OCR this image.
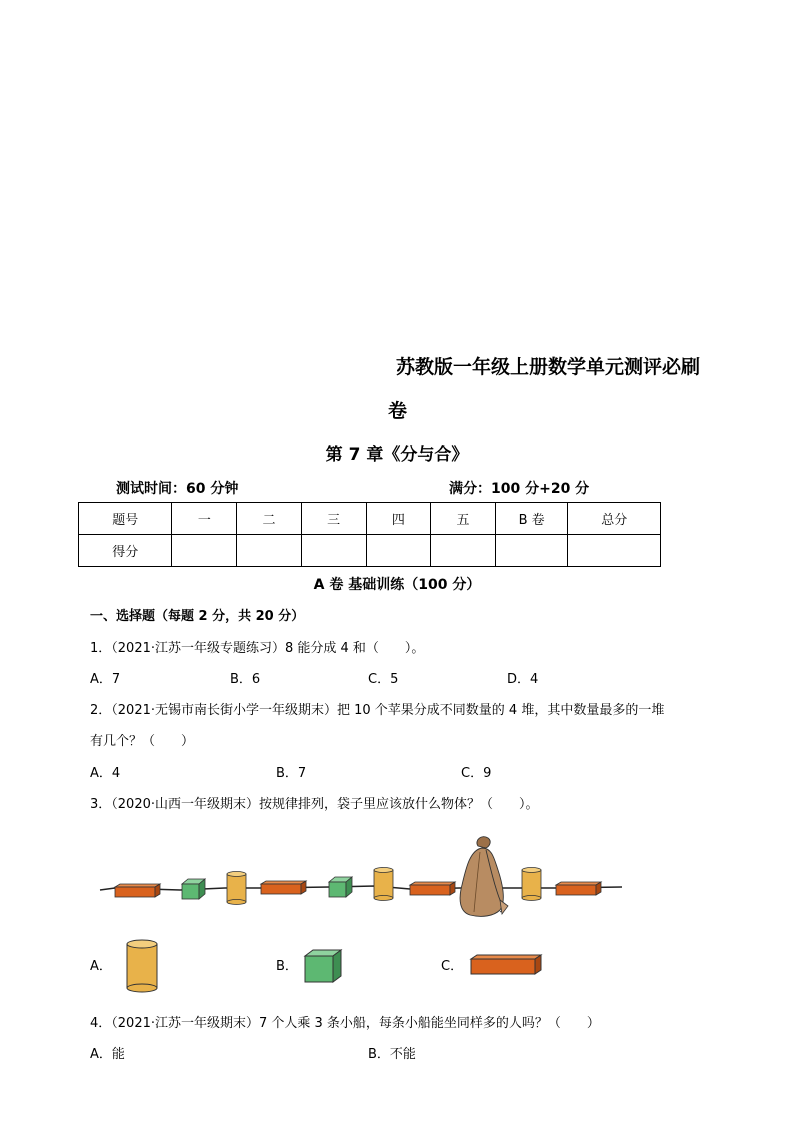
苏教版一年级上册数学单元测评必刷
卷
第 7 章《分与合》
测试时间：60 分钟	满分：100 分+20 分
题号	一	二	三	四	五	B 卷	总分
得分							
A 卷 基础训练（100 分）
一、选择题（每题 2 分，共 20 分）
1．（2021·江苏一年级专题练习）8 能分成 4 和（　　）。
A．7	B．6	C．5	D．4
2．（2021·无锡市南长街小学一年级期末）把 10 个苹果分成不同数量的 4 堆，其中数量最多的一堆
有几个？（　　）
A．4	B．7	C．9
3．（2020·山西一年级期末）按规律排列，袋子里应该放什么物体？（　　）。
A．	B．	C．
4．（2021·江苏一年级期末）7 个人乘 3 条小船，每条小船能坐同样多的人吗？（　　）
A．能	B．不能
